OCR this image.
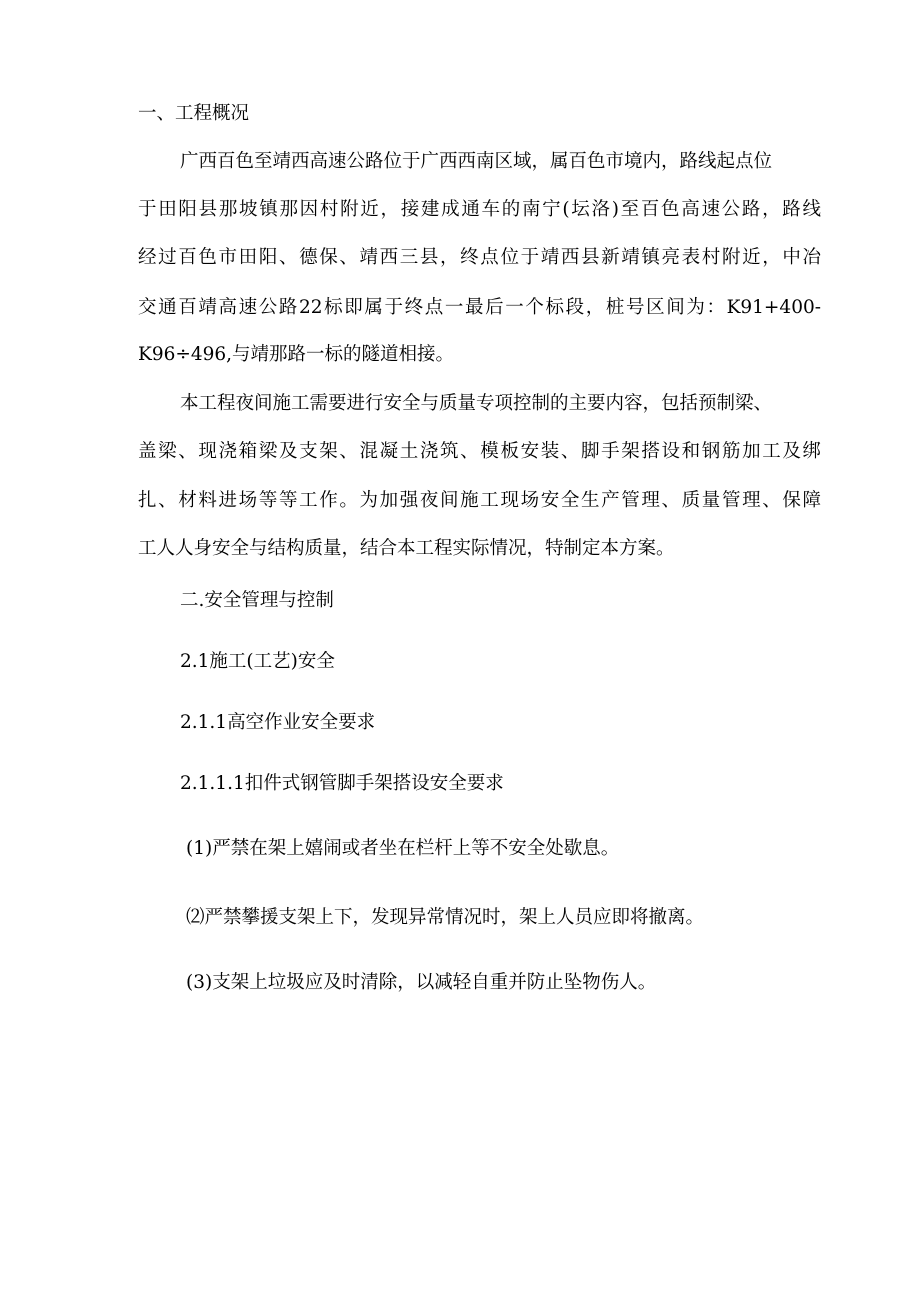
一、工程概况
广西百色至靖西高速公路位于广西西南区域，属百色市境内，路线起点位
于田阳县那坡镇那因村附近，接建成通车的南宁(坛洛)至百色高速公路，路线
经过百色市田阳、德保、靖西三县，终点位于靖西县新靖镇亮表村附近，中冶
交通百靖高速公路22标即属于终点一最后一个标段，桩号区间为：K91+400-
K96÷496,与靖那路一标的隧道相接。
本工程夜间施工需要进行安全与质量专项控制的主要内容，包括预制梁、
盖梁、现浇箱梁及支架、混凝土浇筑、模板安装、脚手架搭设和钢筋加工及绑
扎、材料进场等等工作。为加强夜间施工现场安全生产管理、质量管理、保障
工人人身安全与结构质量，结合本工程实际情况，特制定本方案。
二.安全管理与控制
2.1施工(工艺)安全
2.1.1高空作业安全要求
2.1.1.1扣件式钢管脚手架搭设安全要求
(1)严禁在架上嬉闹或者坐在栏杆上等不安全处歇息。
⑵严禁攀援支架上下，发现异常情况时，架上人员应即将撤离。
(3)支架上垃圾应及时清除，以减轻自重并防止坠物伤人。
